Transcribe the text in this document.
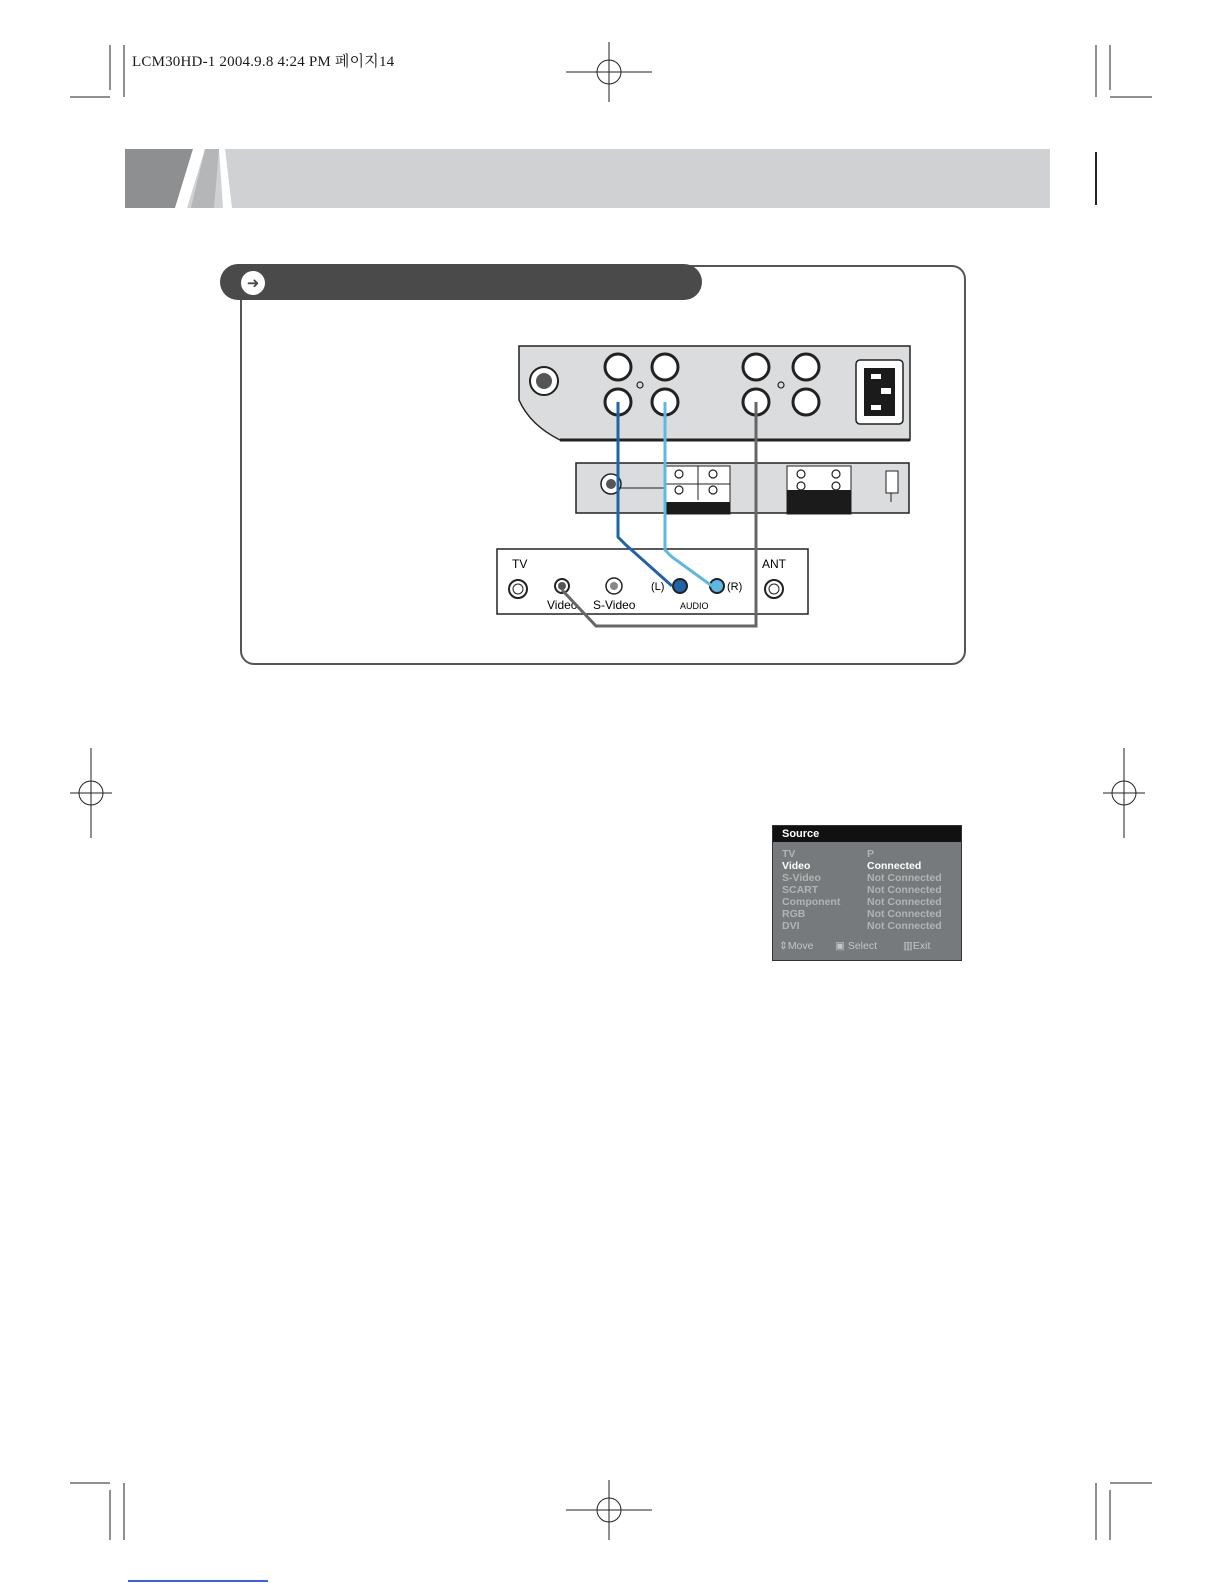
LCM30HD-1 2004.9.8 4:24 PM 페이지14
➜
TV	ANT
Video S-Video
(L)	(R)
AUDIO
Source
TV	P
Video	Connected
S-Video	Not Connected
SCART	Not Connected
Component	Not Connected
RGB	Not Connected
DVI	Not Connected
⇕Move ▣ Select ▥Exit
